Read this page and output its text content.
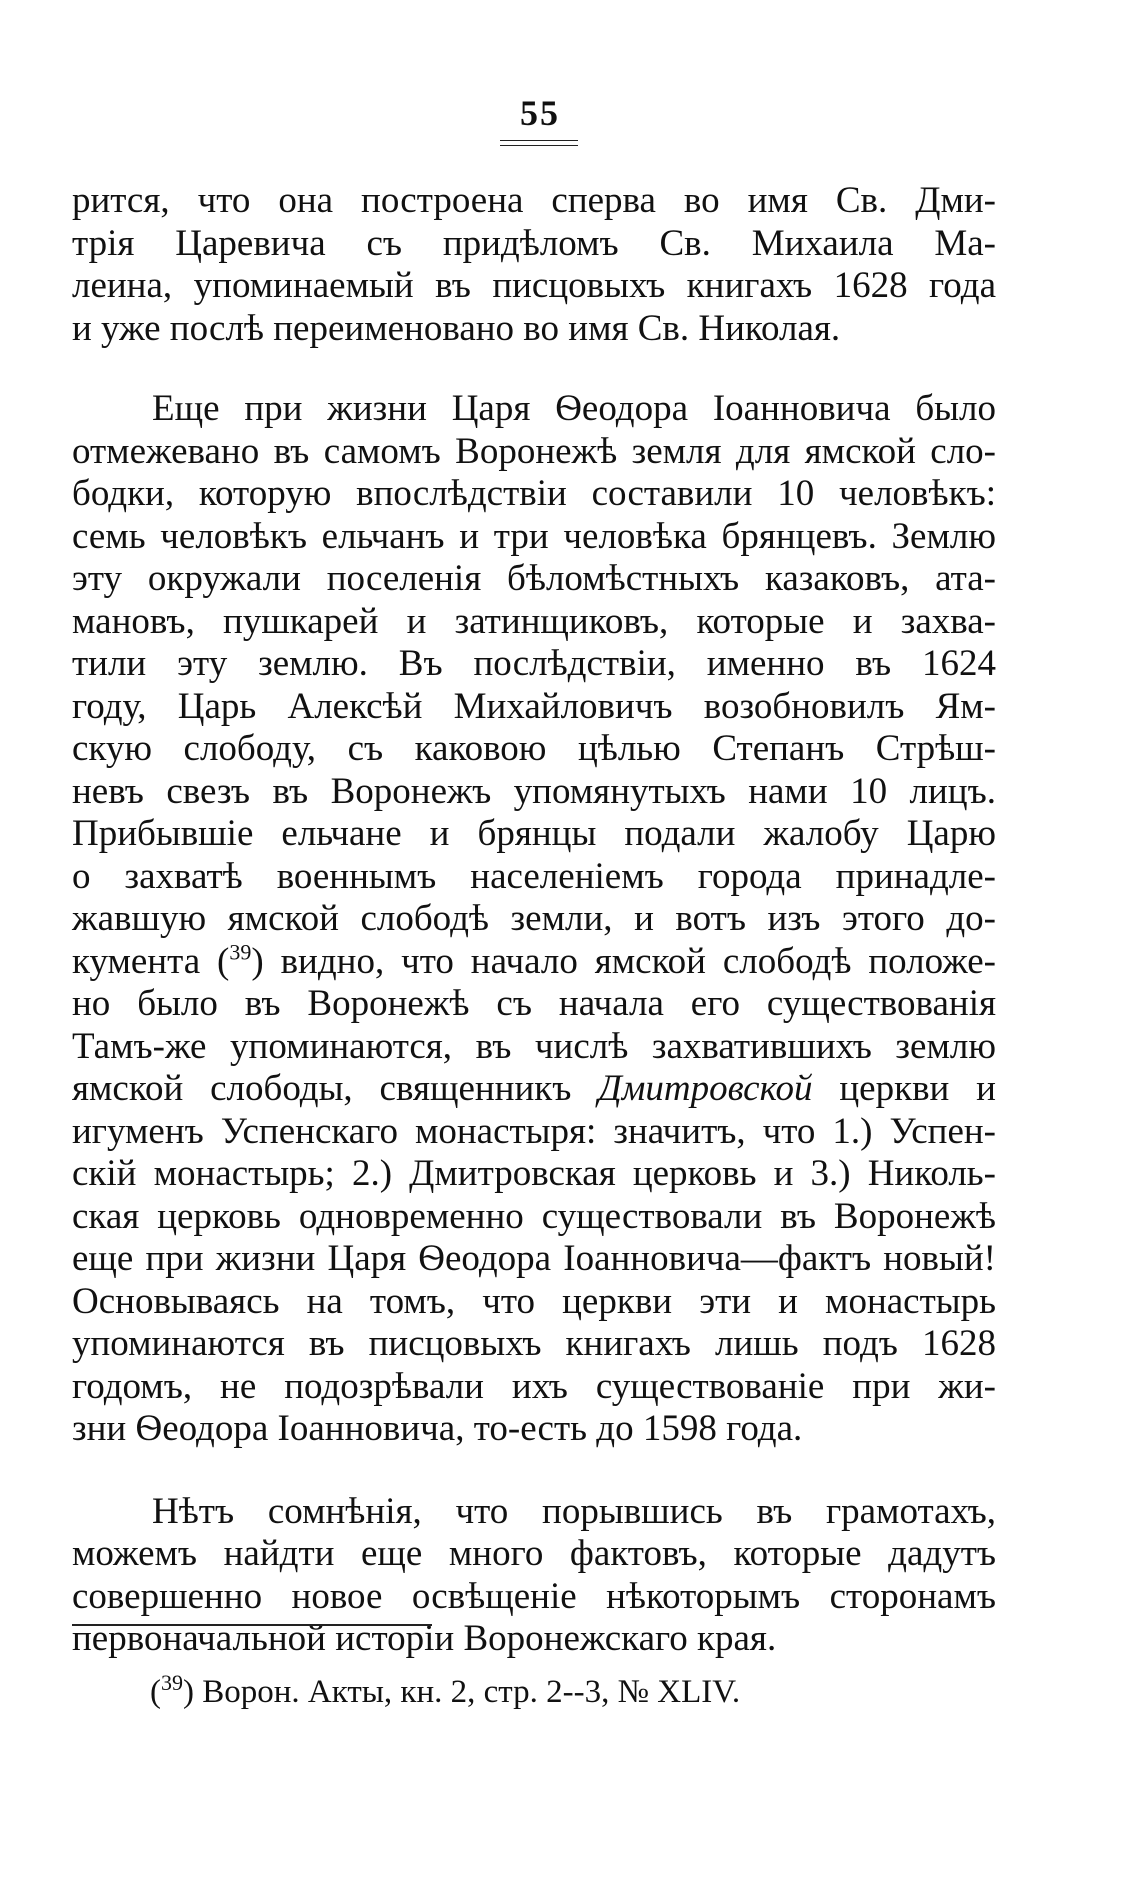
55

рится, что она построена сперва во имя Св. Дми-
трія Царевича съ придѣломъ Св. Михаила Ма-
леина, упоминаемый въ писцовыхъ книгахъ 1628 года
и уже послѣ переименовано во имя Св. Николая.

Еще при жизни Царя Ѳеодора Іоанновича было
отмежевано въ самомъ Воронежѣ земля для ямской сло-
бодки, которую впослѣдствіи составили 10 человѣкъ:
семь человѣкъ ельчанъ и три человѣка брянцевъ. Землю
эту окружали поселенія бѣломѣстныхъ казаковъ, ата-
мановъ, пушкарей и затинщиковъ, которые и захва-
тили эту землю. Въ послѣдствіи, именно въ 1624
году, Царь Алексѣй Михайловичъ возобновилъ Ям-
скую слободу, съ каковою цѣлью Степанъ Стрѣш-
невъ свезъ въ Воронежъ упомянутыхъ нами 10 лицъ.
Прибывшіе ельчане и брянцы подали жалобу Царю
о захватѣ военнымъ населеніемъ города принадле-
жавшую ямской слободѣ земли, и вотъ изъ этого до-
кумента ($^{39}$) видно, что начало ямской слободѣ положе-
но было въ Воронежѣ съ начала его существованія
Тамъ-же упоминаются, въ числѣ захватившихъ землю
ямской слободы, священникъ Дмитровской церкви и
игуменъ Успенскаго монастыря: значитъ, что 1.) Успен-
скій монастырь; 2.) Дмитровская церковь и 3.) Николь-
ская церковь одновременно существовали въ Воронежѣ
еще при жизни Царя Ѳеодора Іоанновича—фактъ новый!
Основываясь на томъ, что церкви эти и монастырь
упоминаются въ писцовыхъ книгахъ лишь подъ 1628
годомъ, не подозрѣвали ихъ существованіе при жи-
зни Ѳеодора Іоанновича, то-есть до 1598 года.

Нѣтъ сомнѣнія, что порывшись въ грамотахъ,
можемъ найдти еще много фактовъ, которые дадутъ
совершенно новое освѣщеніе нѣкоторымъ сторонамъ
первоначальной исторіи Воронежскаго края.

($^{39}$) Ворон. Акты, кн. 2, стр. 2--3, № XLIV.
